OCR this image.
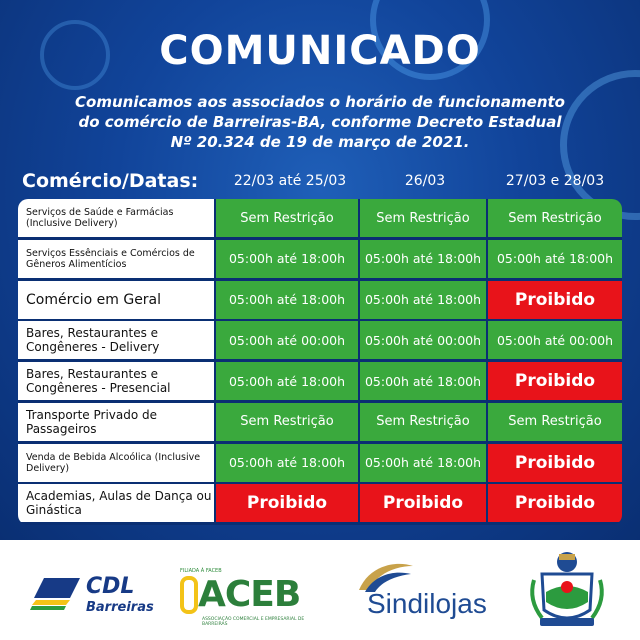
COMUNICADO
Comunicamos aos associados o horário de funcionamento
do comércio de Barreiras-BA, conforme Decreto Estadual
Nº 20.324 de 19 de março de 2021.
Comércio/Datas:	22/03 até 25/03	26/03	27/03 e 28/03
Serviços de Saúde e Farmácias (Inclusive Delivery)	Sem Restrição	Sem Restrição	Sem Restrição
Serviços Essênciais e Comércios de Gêneros Alimentícios	05:00h até 18:00h	05:00h até 18:00h	05:00h até 18:00h
Comércio em Geral	05:00h até 18:00h	05:00h até 18:00h	Proibido
Bares, Restaurantes e Congêneres - Delivery	05:00h até 00:00h	05:00h até 00:00h	05:00h até 00:00h
Bares, Restaurantes e Congêneres - Presencial	05:00h até 18:00h	05:00h até 18:00h	Proibido
Transporte Privado de Passageiros	Sem Restrição	Sem Restrição	Sem Restrição
Venda de Bebida Alcoólica (Inclusive Delivery)	05:00h até 18:00h	05:00h até 18:00h	Proibido
Academias, Aulas de Dança ou Ginástica	Proibido	Proibido	Proibido
CDL
Barreiras
FILIADA À FACEB
ACEB
ASSOCIAÇÃO COMERCIAL E EMPRESARIAL DE BARREIRAS
Sindilojas
